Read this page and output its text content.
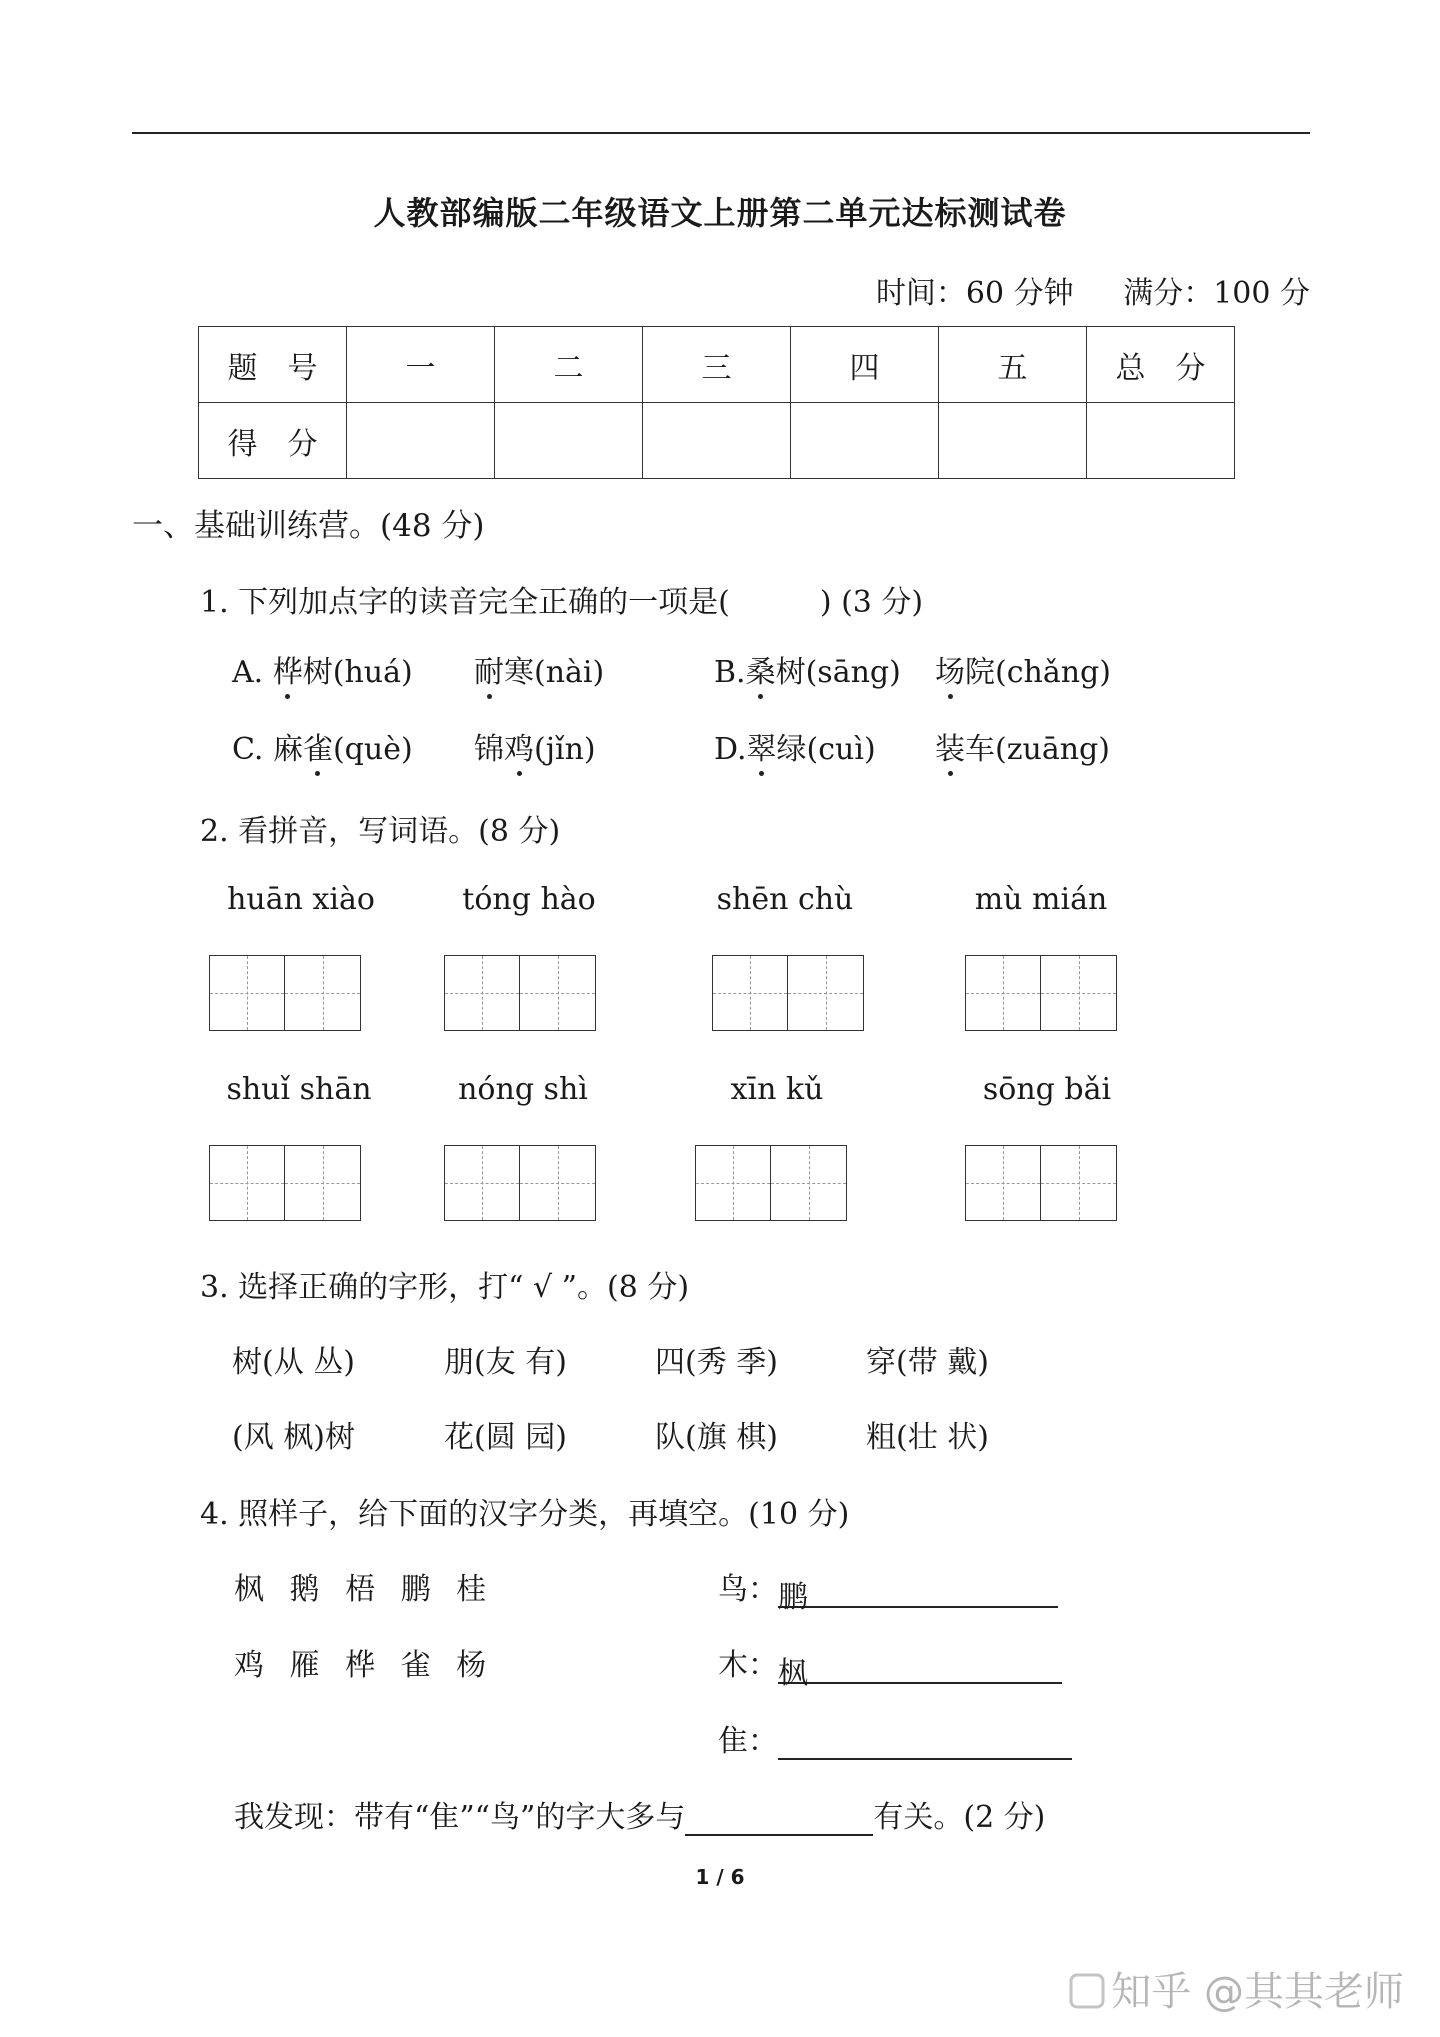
人教部编版二年级语文上册第二单元达标测试卷
时间：60 分钟 满分：100 分
题　号	一	二	三	四	五	总　分
得　分						
一、基础训练营。(48 分)
1. 下列加点字的读音完全正确的一项是(　　　) (3 分)
A. 桦树(huá) 耐寒(nài)	B.桑树(sāng) 场院(chǎng)
C. 麻雀(què) 锦鸡(jǐn)	D.翠绿(cuì) 装车(zuāng)
2. 看拼音，写词语。(8 分)
huān xiào	tóng hào	shēn chù	mù mián
shuǐ shān	nóng shì	xīn kǔ	sōng bǎi
3. 选择正确的字形，打“ √ ”。(8 分)
树(从 丛)	朋(友 有)	四(秀 季)	穿(带 戴)
(风 枫)树	花(圆 园)	队(旗 棋)	粗(壮 状)
4. 照样子，给下面的汉字分类，再填空。(10 分)
枫 鹅 梧 鹏 桂
鸡 雁 桦 雀 杨
鸟：鹏
木：枫
隹：
我发现：带有“隹”“鸟”的字大多与	有关。(2 分)
1 / 6
知乎 @其其老师
